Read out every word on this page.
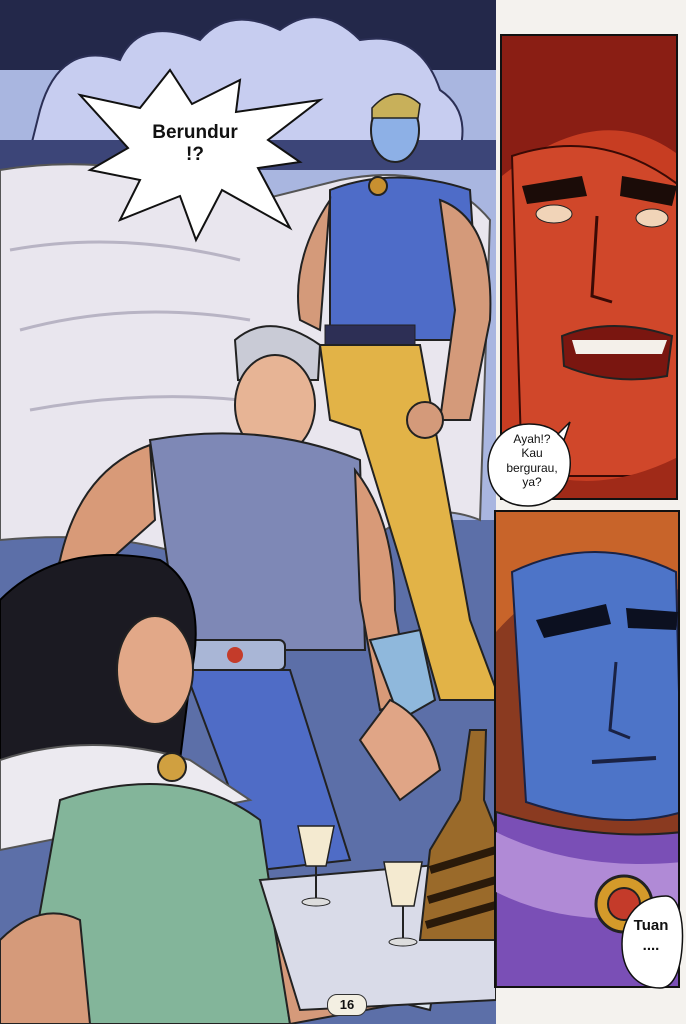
Berundur
!?
Ayah!?
Kau
bergurau,
ya?
Tuan
....
16
